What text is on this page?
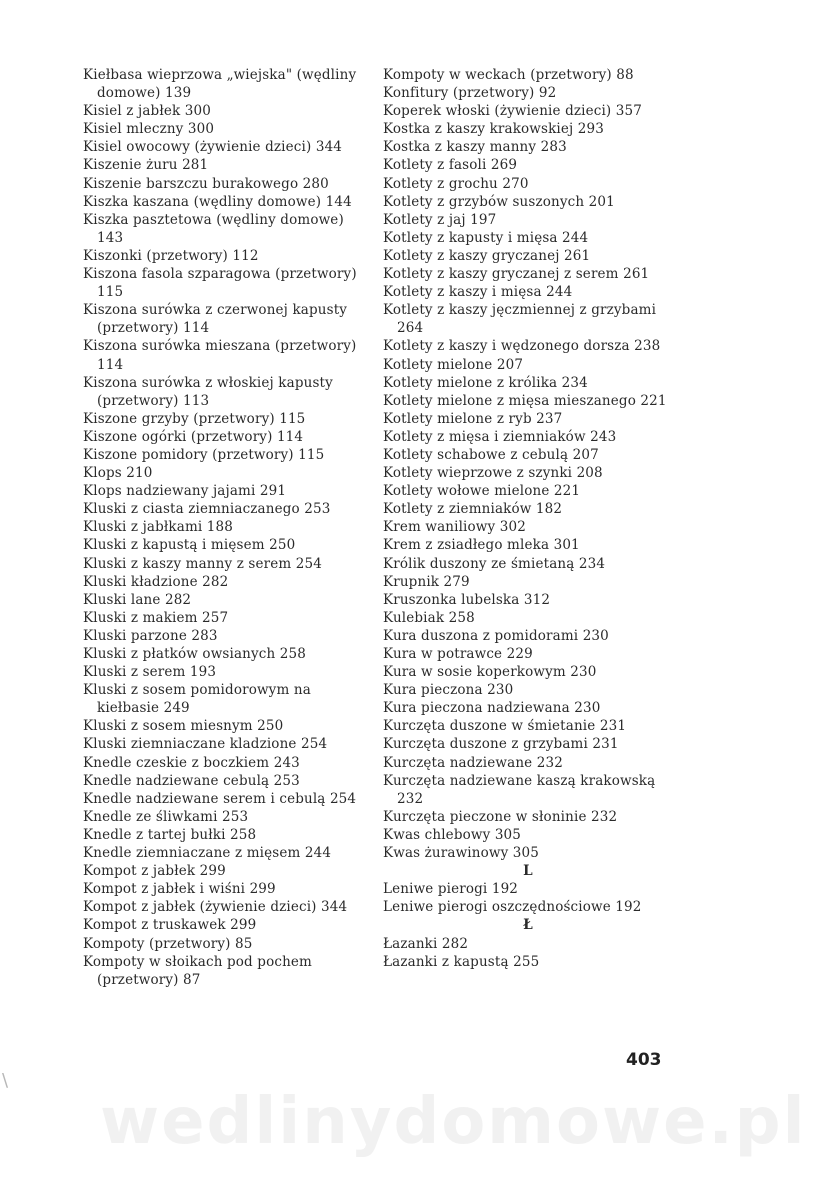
Kiełbasa wieprzowa „wiejska" (wędliny domowe) 139

Kisiel z jabłek 300

Kisiel mleczny 300

Kisiel owocowy (żywienie dzieci) 344

Kiszenie żuru 281

Kiszenie barszczu burakowego 280

Kiszka kaszana (wędliny domowe) 144

Kiszka pasztetowa (wędliny domowe) 143

Kiszonki (przetwory) 112

Kiszona fasola szparagowa (przetwory) 115

Kiszona surówka z czerwonej kapusty (przetwory) 114

Kiszona surówka mieszana (przetwory) 114

Kiszona surówka z włoskiej kapusty (przetwory) 113

Kiszone grzyby (przetwory) 115

Kiszone ogórki (przetwory) 114

Kiszone pomidory (przetwory) 115

Klops 210

Klops nadziewany jajami 291

Kluski z ciasta ziemniaczanego 253

Kluski z jabłkami 188

Kluski z kapustą i mięsem 250

Kluski z kaszy manny z serem 254

Kluski kładzione 282

Kluski lane 282

Kluski z makiem 257

Kluski parzone 283

Kluski z płatków owsianych 258

Kluski z serem 193

Kluski z sosem pomidorowym na kiełbasie 249

Kluski z sosem miesnym 250

Kluski ziemniaczane kladzione 254

Knedle czeskie z boczkiem 243

Knedle nadziewane cebulą 253

Knedle nadziewane serem i cebulą 254

Knedle ze śliwkami 253

Knedle z tartej bułki 258

Knedle ziemniaczane z mięsem 244

Kompot z jabłek 299

Kompot z jabłek i wiśni 299

Kompot z jabłek (żywienie dzieci) 344

Kompot z truskawek 299

Kompoty (przetwory) 85

Kompoty w słoikach pod pochem (przetwory) 87

Kompoty w weckach (przetwory) 88

Konfitury (przetwory) 92

Koperek włoski (żywienie dzieci) 357

Kostka z kaszy krakowskiej 293

Kostka z kaszy manny 283

Kotlety z fasoli 269

Kotlety z grochu 270

Kotlety z grzybów suszonych 201

Kotlety z jaj 197

Kotlety z kapusty i mięsa 244

Kotlety z kaszy gryczanej 261

Kotlety z kaszy gryczanej z serem 261

Kotlety z kaszy i mięsa 244

Kotlety z kaszy jęczmiennej z grzybami 264

Kotlety z kaszy i wędzonego dorsza 238

Kotlety mielone 207

Kotlety mielone z królika 234

Kotlety mielone z mięsa mieszanego 221

Kotlety mielone z ryb 237

Kotlety z mięsa i ziemniaków 243

Kotlety schabowe z cebulą 207

Kotlety wieprzowe z szynki 208

Kotlety wołowe mielone 221

Kotlety z ziemniaków 182

Krem waniliowy 302

Krem z zsiadłego mleka 301

Królik duszony ze śmietaną 234

Krupnik 279

Kruszonka lubelska 312

Kulebiak 258

Kura duszona z pomidorami 230

Kura w potrawce 229

Kura w sosie koperkowym 230

Kura pieczona 230

Kura pieczona nadziewana 230

Kurczęta duszone w śmietanie 231

Kurczęta duszone z grzybami 231

Kurczęta nadziewane 232

Kurczęta nadziewane kaszą krakowską 232

Kurczęta pieczone w słoninie 232

Kwas chlebowy 305

Kwas żurawinowy 305

L

Leniwe pierogi 192

Leniwe pierogi oszczędnościowe 192

Ł

Łazanki 282

Łazanki z kapustą 255

403
wedlinydomowe.pl
\
